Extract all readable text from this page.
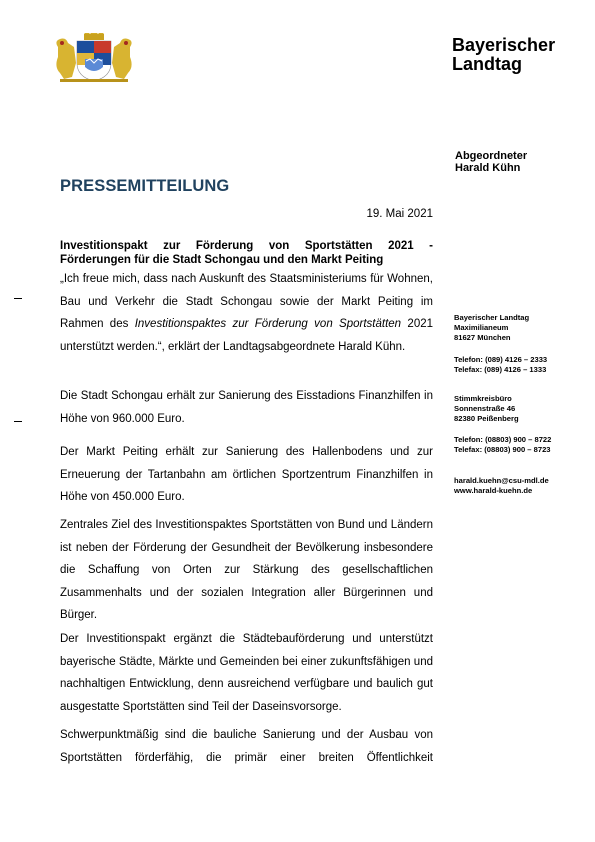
Bayerischer
Landtag
Abgeordneter
Harald Kühn
Bayerischer Landtag
Maximilianeum
81627 München
Telefon: (089) 4126 – 2333
Telefax: (089) 4126 – 1333
Stimmkreisbüro
Sonnenstraße 46
82380 Peißenberg
Telefon: (08803) 900 – 8722
Telefax: (08803) 900 – 8723
harald.kuehn@csu-mdl.de
www.harald-kuehn.de
PRESSEMITTEILUNG
19. Mai 2021
Investitionspakt zur Förderung von Sportstätten 2021 - Förderungen für die Stadt Schongau und den Markt Peiting
„Ich freue mich, dass nach Auskunft des Staatsministeriums für Wohnen, Bau und Verkehr die Stadt Schongau sowie der Markt Peiting im Rahmen des Investitionspaktes zur Förderung von Sportstätten 2021 unterstützt werden.“, erklärt der Landtagsabgeordnete Harald Kühn.
Die Stadt Schongau erhält zur Sanierung des Eisstadions Finanzhilfen in Höhe von 960.000 Euro.
Der Markt Peiting erhält zur Sanierung des Hallenbodens und zur Erneuerung der Tartanbahn am örtlichen Sportzentrum Finanzhilfen in Höhe von 450.000 Euro.
Zentrales Ziel des Investitionspaktes Sportstätten von Bund und Ländern ist neben der Förderung der Gesundheit der Bevölkerung insbesondere die Schaffung von Orten zur Stärkung des gesellschaftlichen Zusammenhalts und der sozialen Integration aller Bürgerinnen und Bürger.
Der Investitionspakt ergänzt die Städtebauförderung und unterstützt bayerische Städte, Märkte und Gemeinden bei einer zukunftsfähigen und nachhaltigen Entwicklung, denn ausreichend verfügbare und baulich gut ausgestatte Sportstätten sind Teil der Daseinsvorsorge.
Schwerpunktmäßig sind die bauliche Sanierung und der Ausbau von Sportstätten förderfähig, die primär einer breiten Öffentlichkeit
